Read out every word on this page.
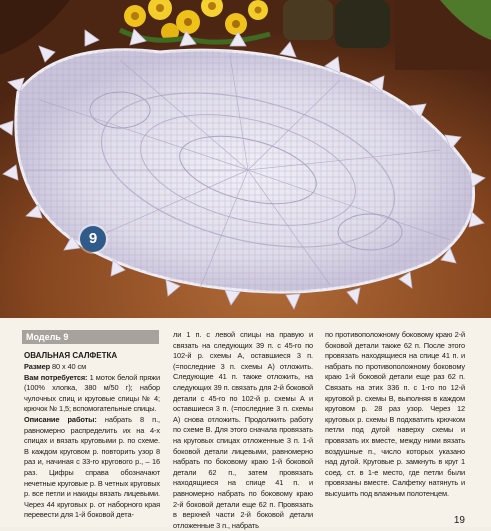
9
Модель 9
ОВАЛЬНАЯ САЛФЕТКА

Размер 80 х 40 см

Вам потребуется: 1 моток белой пряжи (100% хлопка, 380 м/50 г); набор чулочных спиц и круговые спицы № 4; крючок № 1,5; вспомогательные спицы.

Описание работы: набрать 8 п., равномерно распределить их на 4-х спицах и вязать круговыми р. по схеме. В каждом круговом р. повторить узор 8 раз и, начиная с 33-го кругового р., – 16 раз. Цифры справа обозначают нечетные круговые р. В четных круговых р. все петли и накиды вязать лицевыми. Через 44 круговых р. от наборного края перевести для 1-й боковой дета-

ли 1 п. с левой спицы на правую и связать на следующих 39 п. с 45-го по 102-й р. схемы А, оставшиеся 3 п. (=последние 3 п. схемы А) отложить. Следующие 41 п. также отложить, на следующих 39 п. связать для 2-й боковой детали с 45-го по 102-й р. схемы А и оставшиеся 3 п. (=последние 3 п. схемы А) снова отложить. Продолжить работу по схеме В. Для этого сначала провязать на круговых спицах отложенные 3 п. 1-й боковой детали лицевыми, равномерно набрать по боковому краю 1-й боковой детали 62 п., затем провязать находящиеся на спице 41 п. и равномерно набрать по боковому краю 2-й боковой детали еще 62 п. Провязать в верхней части 2-й боковой детали отложенные 3 п., набрать

по противоположному боковому краю 2-й боковой детали также 62 п. После этого провязать находящиеся на спице 41 п. и набрать по противоположному боковому краю 1-й боковой детали еще раз 62 п. Связать на этих 336 п. с 1-го по 12-й круговой р. схемы В, выполняя в каждом круговом р. 28 раз узор. Через 12 круговых р. схемы В подхватить крючком петли под дугой наверху схемы и провязать их вместе, между ними вязать воздушные п., число которых указано над дугой. Круговые р. замкнуть в круг 1 соед. ст. в 1-е место, где петли были провязаны вместе. Салфетку натянуть и высушить под влажным полотенцем.

19
